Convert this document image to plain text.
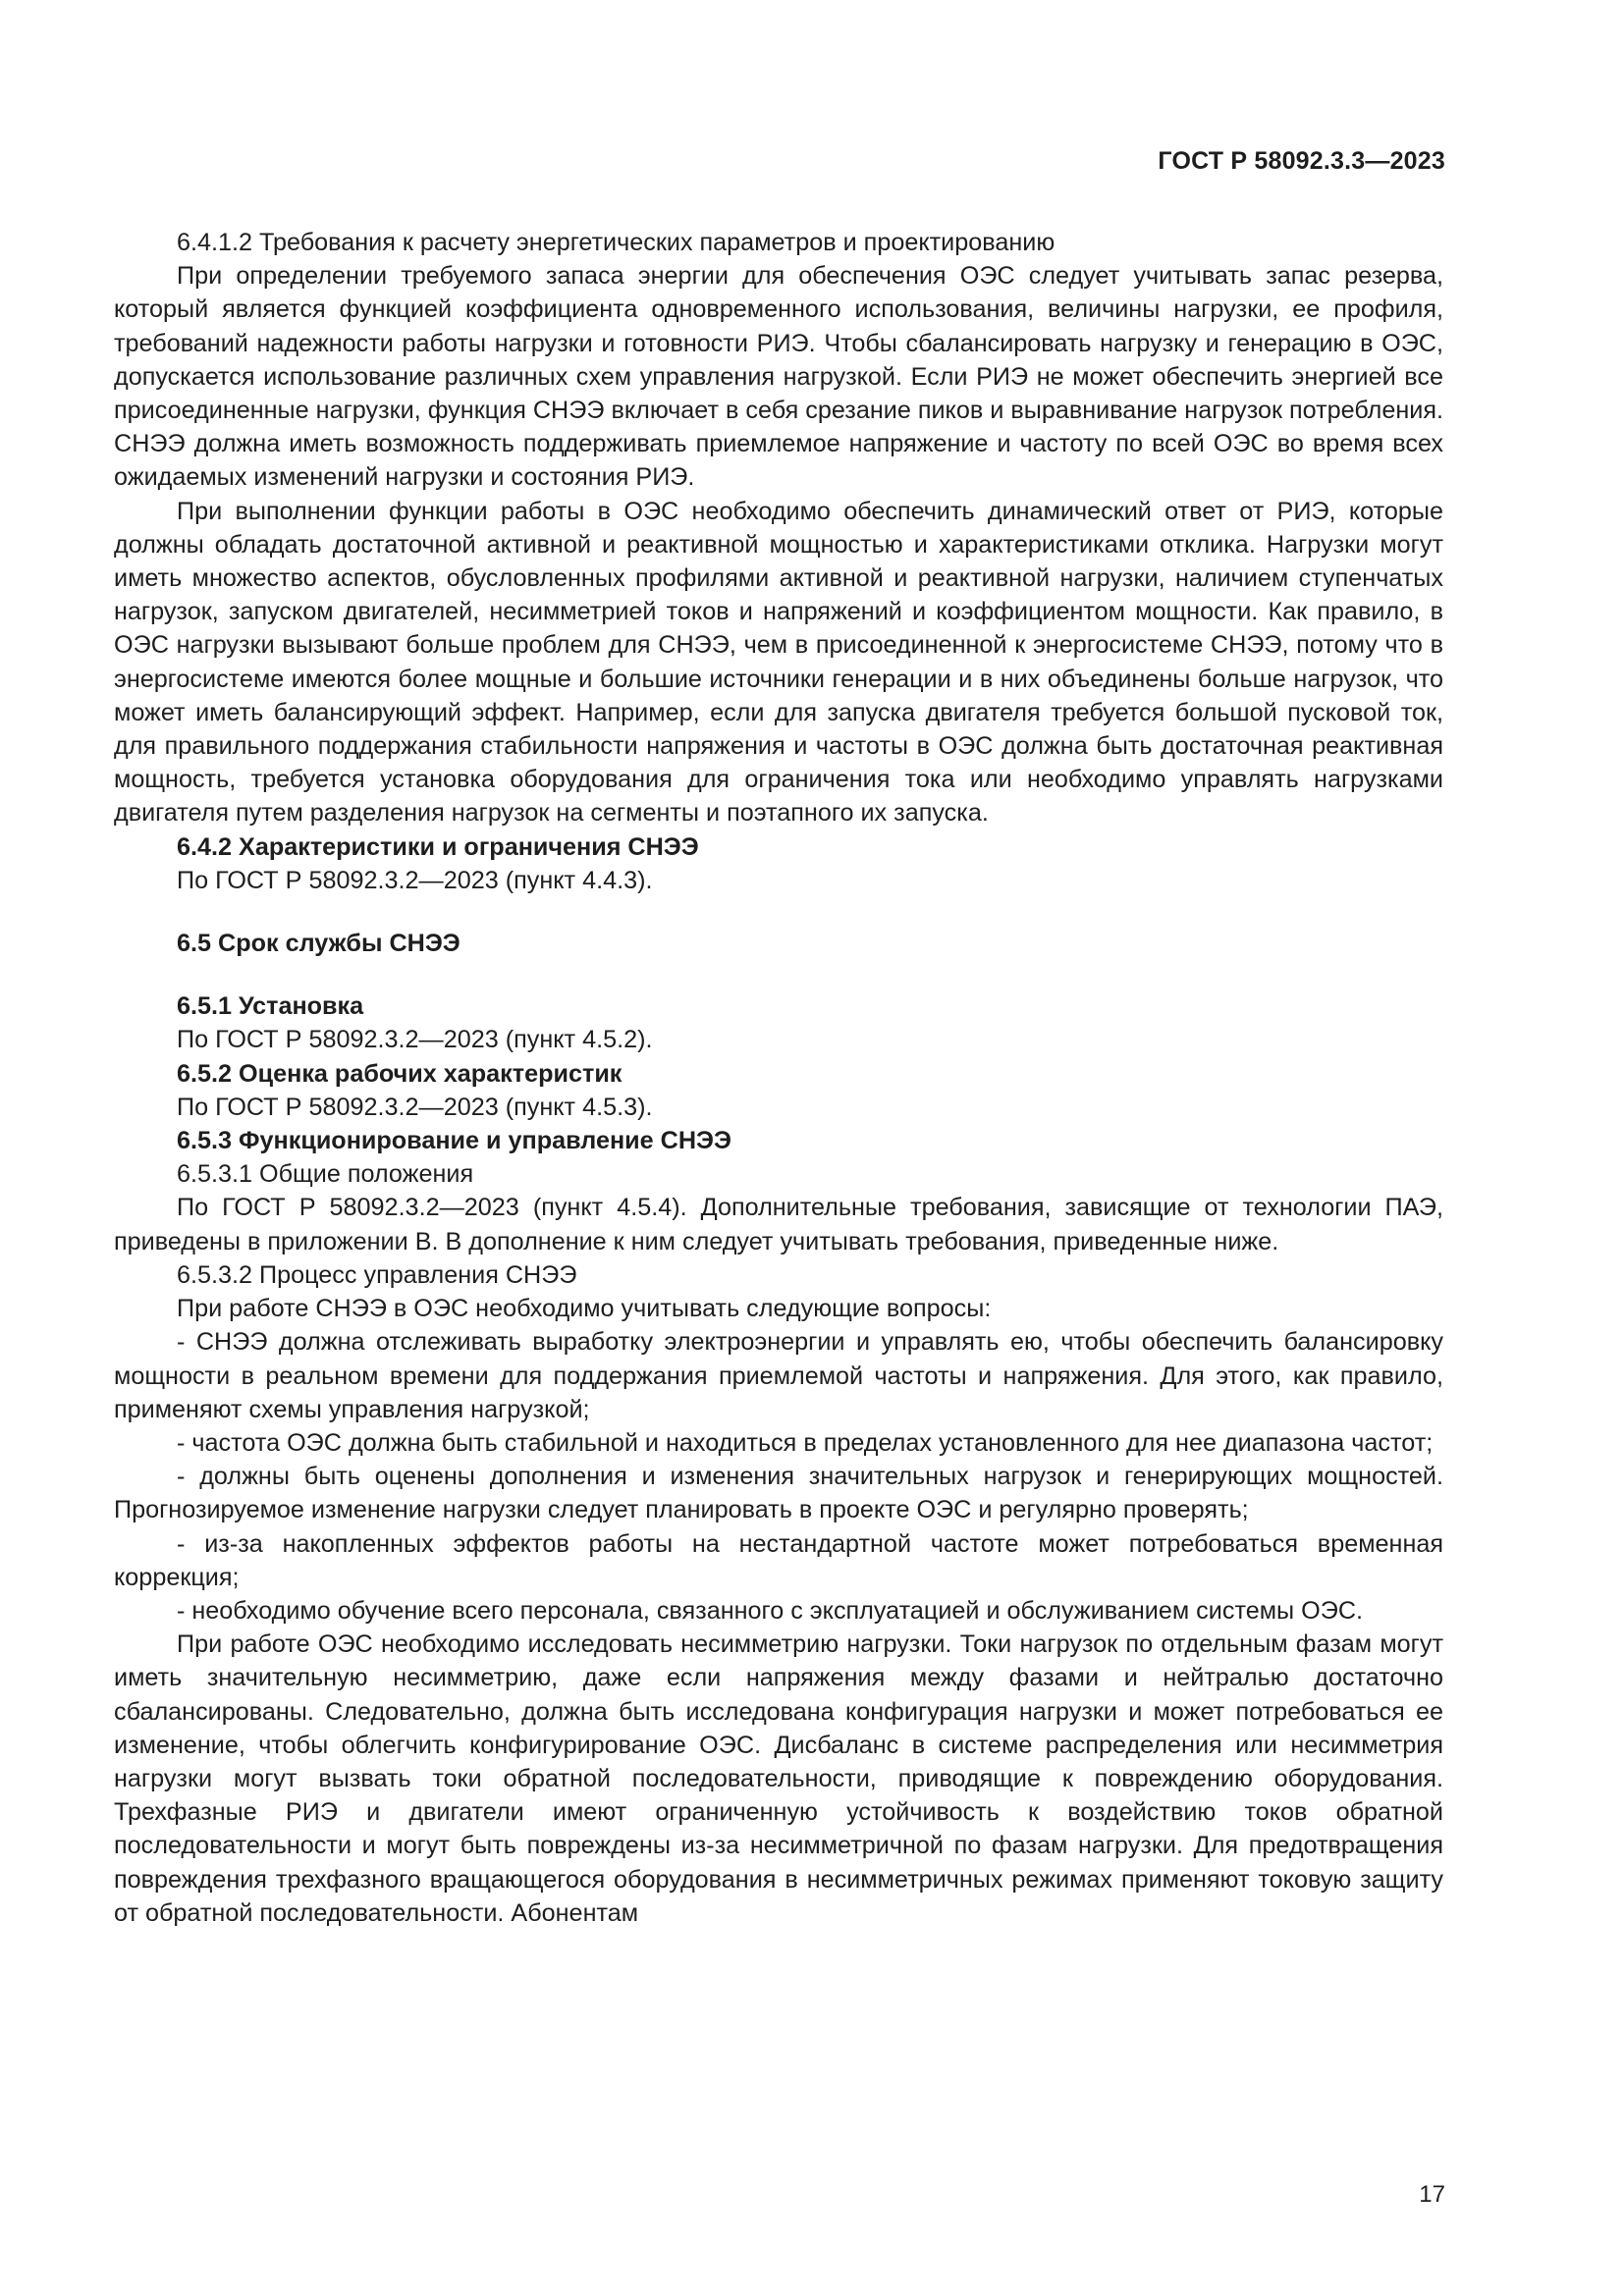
ГОСТ Р 58092.3.3—2023

6.4.1.2 Требования к расчету энергетических параметров и проектированию

При определении требуемого запаса энергии для обеспечения ОЭС следует учитывать запас резерва, который является функцией коэффициента одновременного использования, величины нагрузки, ее профиля, требований надежности работы нагрузки и готовности РИЭ. Чтобы сбалансировать нагрузку и генерацию в ОЭС, допускается использование различных схем управления нагрузкой. Если РИЭ не может обеспечить энергией все присоединенные нагрузки, функция СНЭЭ включает в себя срезание пиков и выравнивание нагрузок потребления. СНЭЭ должна иметь возможность поддерживать приемлемое напряжение и частоту по всей ОЭС во время всех ожидаемых изменений нагрузки и состояния РИЭ.

При выполнении функции работы в ОЭС необходимо обеспечить динамический ответ от РИЭ, которые должны обладать достаточной активной и реактивной мощностью и характеристиками отклика. Нагрузки могут иметь множество аспектов, обусловленных профилями активной и реактивной нагрузки, наличием ступенчатых нагрузок, запуском двигателей, несимметрией токов и напряжений и коэффициентом мощности. Как правило, в ОЭС нагрузки вызывают больше проблем для СНЭЭ, чем в присоединенной к энергосистеме СНЭЭ, потому что в энергосистеме имеются более мощные и большие источники генерации и в них объединены больше нагрузок, что может иметь балансирующий эффект. Например, если для запуска двигателя требуется большой пусковой ток, для правильного поддержания стабильности напряжения и частоты в ОЭС должна быть достаточная реактивная мощность, требуется установка оборудования для ограничения тока или необходимо управлять нагрузками двигателя путем разделения нагрузок на сегменты и поэтапного их запуска.

6.4.2 Характеристики и ограничения СНЭЭ

По ГОСТ Р 58092.3.2—2023 (пункт 4.4.3).

6.5 Срок службы СНЭЭ

6.5.1 Установка

По ГОСТ Р 58092.3.2—2023 (пункт 4.5.2).

6.5.2 Оценка рабочих характеристик

По ГОСТ Р 58092.3.2—2023 (пункт 4.5.3).

6.5.3 Функционирование и управление СНЭЭ

6.5.3.1 Общие положения

По ГОСТ Р 58092.3.2—2023 (пункт 4.5.4). Дополнительные требования, зависящие от технологии ПАЭ, приведены в приложении В. В дополнение к ним следует учитывать требования, приведенные ниже.

6.5.3.2 Процесс управления СНЭЭ

При работе СНЭЭ в ОЭС необходимо учитывать следующие вопросы:

- СНЭЭ должна отслеживать выработку электроэнергии и управлять ею, чтобы обеспечить балансировку мощности в реальном времени для поддержания приемлемой частоты и напряжения. Для этого, как правило, применяют схемы управления нагрузкой;

- частота ОЭС должна быть стабильной и находиться в пределах установленного для нее диапазона частот;

- должны быть оценены дополнения и изменения значительных нагрузок и генерирующих мощностей. Прогнозируемое изменение нагрузки следует планировать в проекте ОЭС и регулярно проверять;

- из-за накопленных эффектов работы на нестандартной частоте может потребоваться временная коррекция;

- необходимо обучение всего персонала, связанного с эксплуатацией и обслуживанием системы ОЭС.

При работе ОЭС необходимо исследовать несимметрию нагрузки. Токи нагрузок по отдельным фазам могут иметь значительную несимметрию, даже если напряжения между фазами и нейтралью достаточно сбалансированы. Следовательно, должна быть исследована конфигурация нагрузки и может потребоваться ее изменение, чтобы облегчить конфигурирование ОЭС. Дисбаланс в системе распределения или несимметрия нагрузки могут вызвать токи обратной последовательности, приводящие к повреждению оборудования. Трехфазные РИЭ и двигатели имеют ограниченную устойчивость к воздействию токов обратной последовательности и могут быть повреждены из-за несимметричной по фазам нагрузки. Для предотвращения повреждения трехфазного вращающегося оборудования в несимметричных режимах применяют токовую защиту от обратной последовательности. Абонентам

17
